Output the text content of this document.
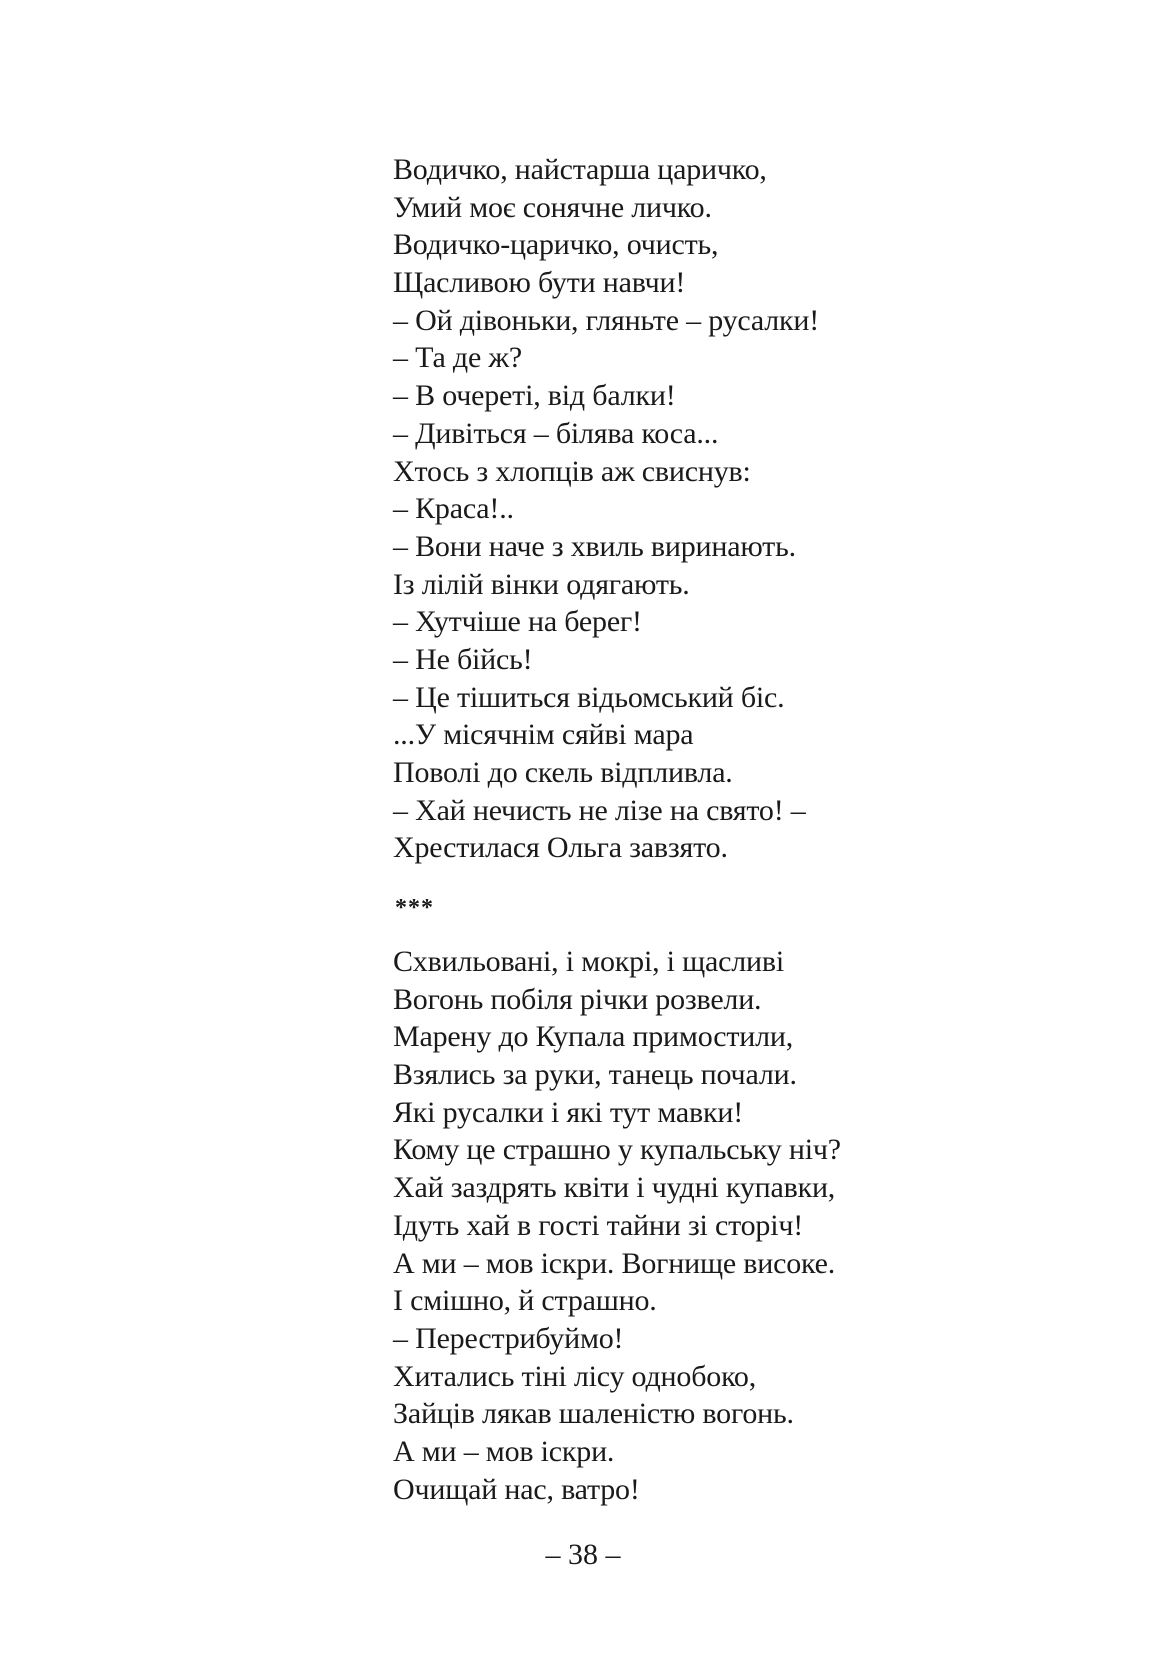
Водичко, найстарша царичко,
Умий моє сонячне личко.
Водичко-царичко, очисть,
Щасливою бути навчи!
– Ой дівоньки, гляньте – русалки!
– Та де ж?
– В очереті, від балки!
– Дивіться – білява коса...
Хтось з хлопців аж свиснув:
– Краса!..
– Вони наче з хвиль виринають.
Із лілій вінки одягають.
– Хутчіше на берег!
– Не бійсь!
– Це тішиться відьомський біс.
...У місячнім сяйві мара
Поволі до скель відпливла.
– Хай нечисть не лізе на свято! –
Хрестилася Ольга завзято.
***
Схвильовані, і мокрі, і щасливі
Вогонь побіля річки розвели.
Марену до Купала примостили,
Взялись за руки, танець почали.
Які русалки і які тут мавки!
Кому це страшно у купальську ніч?
Хай заздрять квіти і чудні купавки,
Ідуть хай в гості тайни зі сторіч!
А ми – мов іскри. Вогнище високе.
І смішно, й страшно.
– Перестрибуймо!
Хитались тіні лісу однобоко,
Зайців лякав шаленістю вогонь.
А ми – мов іскри.
Очищай нас, ватро!
– 38 –
